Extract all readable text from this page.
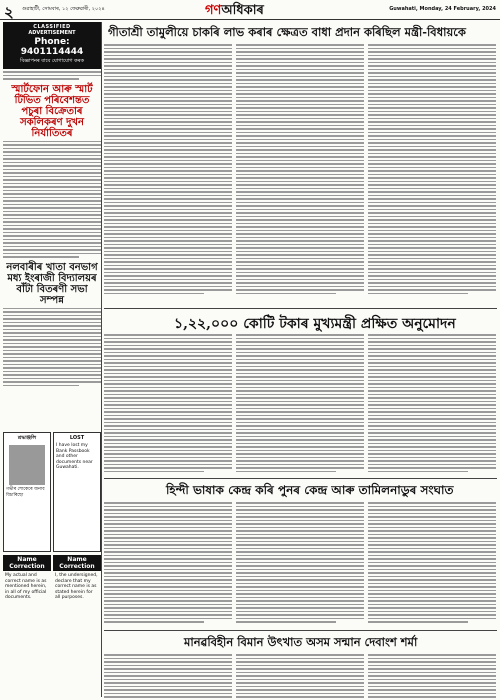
২ গুৱাহাটী, সোমবাৰ, ১২ ফেব্ৰুৱাৰী, ২০২৪	গণঅধিকাৰ	Guwahati, Monday, 24 February, 2024
CLASSIFIED
ADVERTISEMENT
Phone: 9401114444
বিজ্ঞাপনৰ বাবে যোগাযোগ কৰক
স্মাৰ্টফোন আৰু স্মাৰ্ট টিভিত পৰিবেশন্তত পচুৰা বিক্ৰেতাৰ সকলিকৰণ দুখন নিৰ্যাতিতৰ
নলবাৰীৰ খাতা বনভাগ মধ্য ইংৰাজী বিদ্যালয়ৰ বাঁটা বিতৰণী সভা সম্পন্ন
শ্ৰদ্ধাঞ্জলি
গভীৰ শোকেৰে জনাব বিচাৰিছো
LOST
I have lost my Bank Passbook and other documents near Guwahati.
Name Correction
My actual and correct name is as mentioned herein, in all of my official documents.
Name Correction
I, the undersigned, declare that my correct name is as stated herein for all purposes.
গীতাশ্ৰী তামুলীয়ে চাকৰি লাভ কৰাৰ ক্ষেত্ৰত বাধা প্ৰদান কৰিছিল মন্ত্ৰী-বিধায়কে
১,২২,০০০ কোটি টকাৰ মুখ্যমন্ত্ৰী প্ৰক্ষিত অনুমোদন
হিন্দী ভাষাক কেন্দ্ৰ কৰি পুনৰ কেন্দ্ৰ আৰু তামিলনাডুৰ সংঘাত
মানৱবিহীন বিমান উৎখাত অসম সন্মান দেবাংশ শৰ্মা
